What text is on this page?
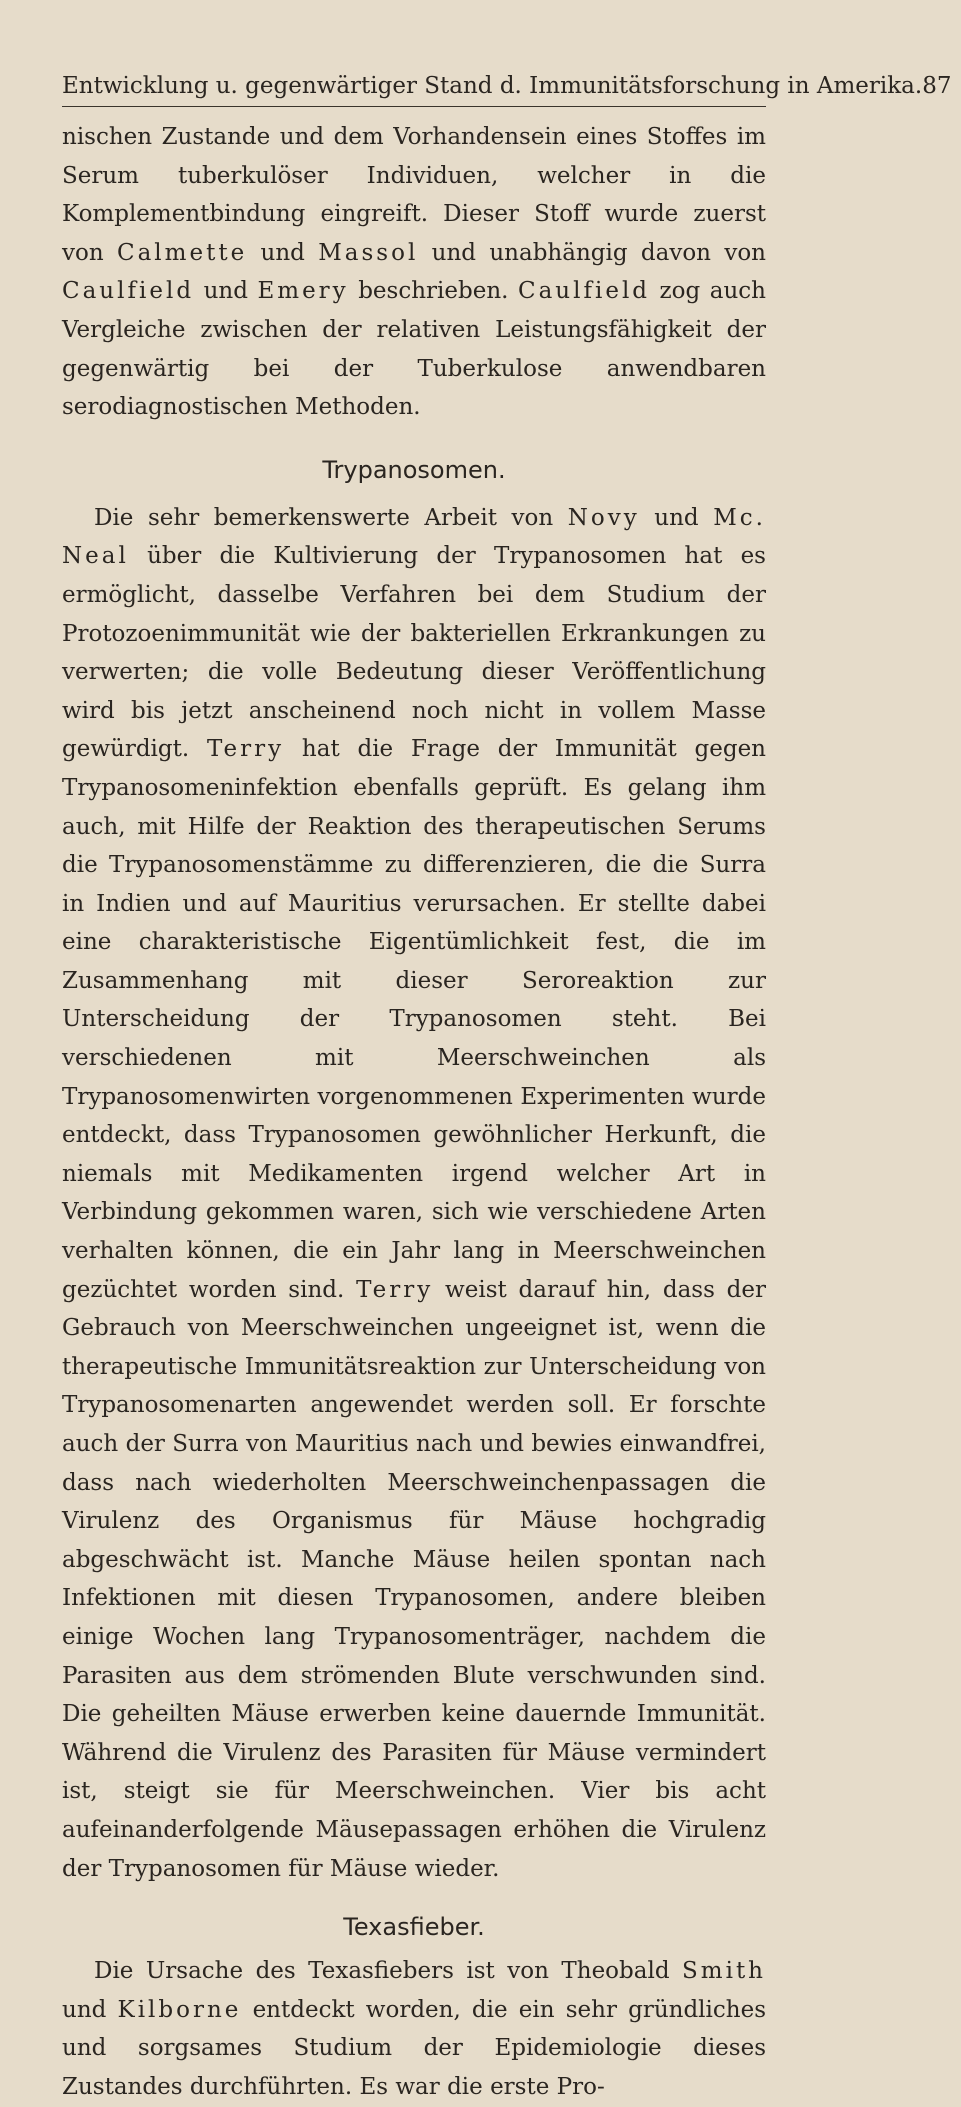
Entwicklung u. gegenwärtiger Stand d. Immunitätsforschung in Amerika. 87

nischen Zustande und dem Vorhandensein eines Stoffes im Serum tuberkulöser Individuen, welcher in die Komplementbindung eingreift. Dieser Stoff wurde zuerst von Calmette und Massol und unabhängig davon von Caulfield und Emery beschrieben. Caulfield zog auch Vergleiche zwischen der relativen Leistungsfähigkeit der gegenwärtig bei der Tuberkulose anwendbaren serodiagnostischen Methoden.

Trypanosomen.

Die sehr bemerkenswerte Arbeit von Novy und Mc. Neal über die Kultivierung der Trypanosomen hat es ermöglicht, dasselbe Verfahren bei dem Studium der Protozoenimmunität wie der bakteriellen Erkrankungen zu verwerten; die volle Bedeutung dieser Veröffentlichung wird bis jetzt anscheinend noch nicht in vollem Masse gewürdigt. Terry hat die Frage der Immunität gegen Trypanosomeninfektion ebenfalls geprüft. Es gelang ihm auch, mit Hilfe der Reaktion des therapeutischen Serums die Trypanosomenstämme zu differenzieren, die die Surra in Indien und auf Mauritius verursachen. Er stellte dabei eine charakteristische Eigentümlichkeit fest, die im Zusammenhang mit dieser Seroreaktion zur Unterscheidung der Trypanosomen steht. Bei verschiedenen mit Meerschweinchen als Trypanosomenwirten vorgenommenen Experimenten wurde entdeckt, dass Trypanosomen gewöhnlicher Herkunft, die niemals mit Medikamenten irgend welcher Art in Verbindung gekommen waren, sich wie verschiedene Arten verhalten können, die ein Jahr lang in Meerschweinchen gezüchtet worden sind. Terry weist darauf hin, dass der Gebrauch von Meerschweinchen ungeeignet ist, wenn die therapeutische Immunitätsreaktion zur Unterscheidung von Trypanosomenarten angewendet werden soll. Er forschte auch der Surra von Mauritius nach und bewies einwandfrei, dass nach wiederholten Meerschweinchenpassagen die Virulenz des Organismus für Mäuse hochgradig abgeschwächt ist. Manche Mäuse heilen spontan nach Infektionen mit diesen Trypanosomen, andere bleiben einige Wochen lang Trypanosomenträger, nachdem die Parasiten aus dem strömenden Blute verschwunden sind. Die geheilten Mäuse erwerben keine dauernde Immunität. Während die Virulenz des Parasiten für Mäuse vermindert ist, steigt sie für Meerschweinchen. Vier bis acht aufeinanderfolgende Mäusepassagen erhöhen die Virulenz der Trypanosomen für Mäuse wieder.

Texasfieber.

Die Ursache des Texasfiebers ist von Theobald Smith und Kilborne entdeckt worden, die ein sehr gründliches und sorgsames Studium der Epidemiologie dieses Zustandes durchführten. Es war die erste Pro-
